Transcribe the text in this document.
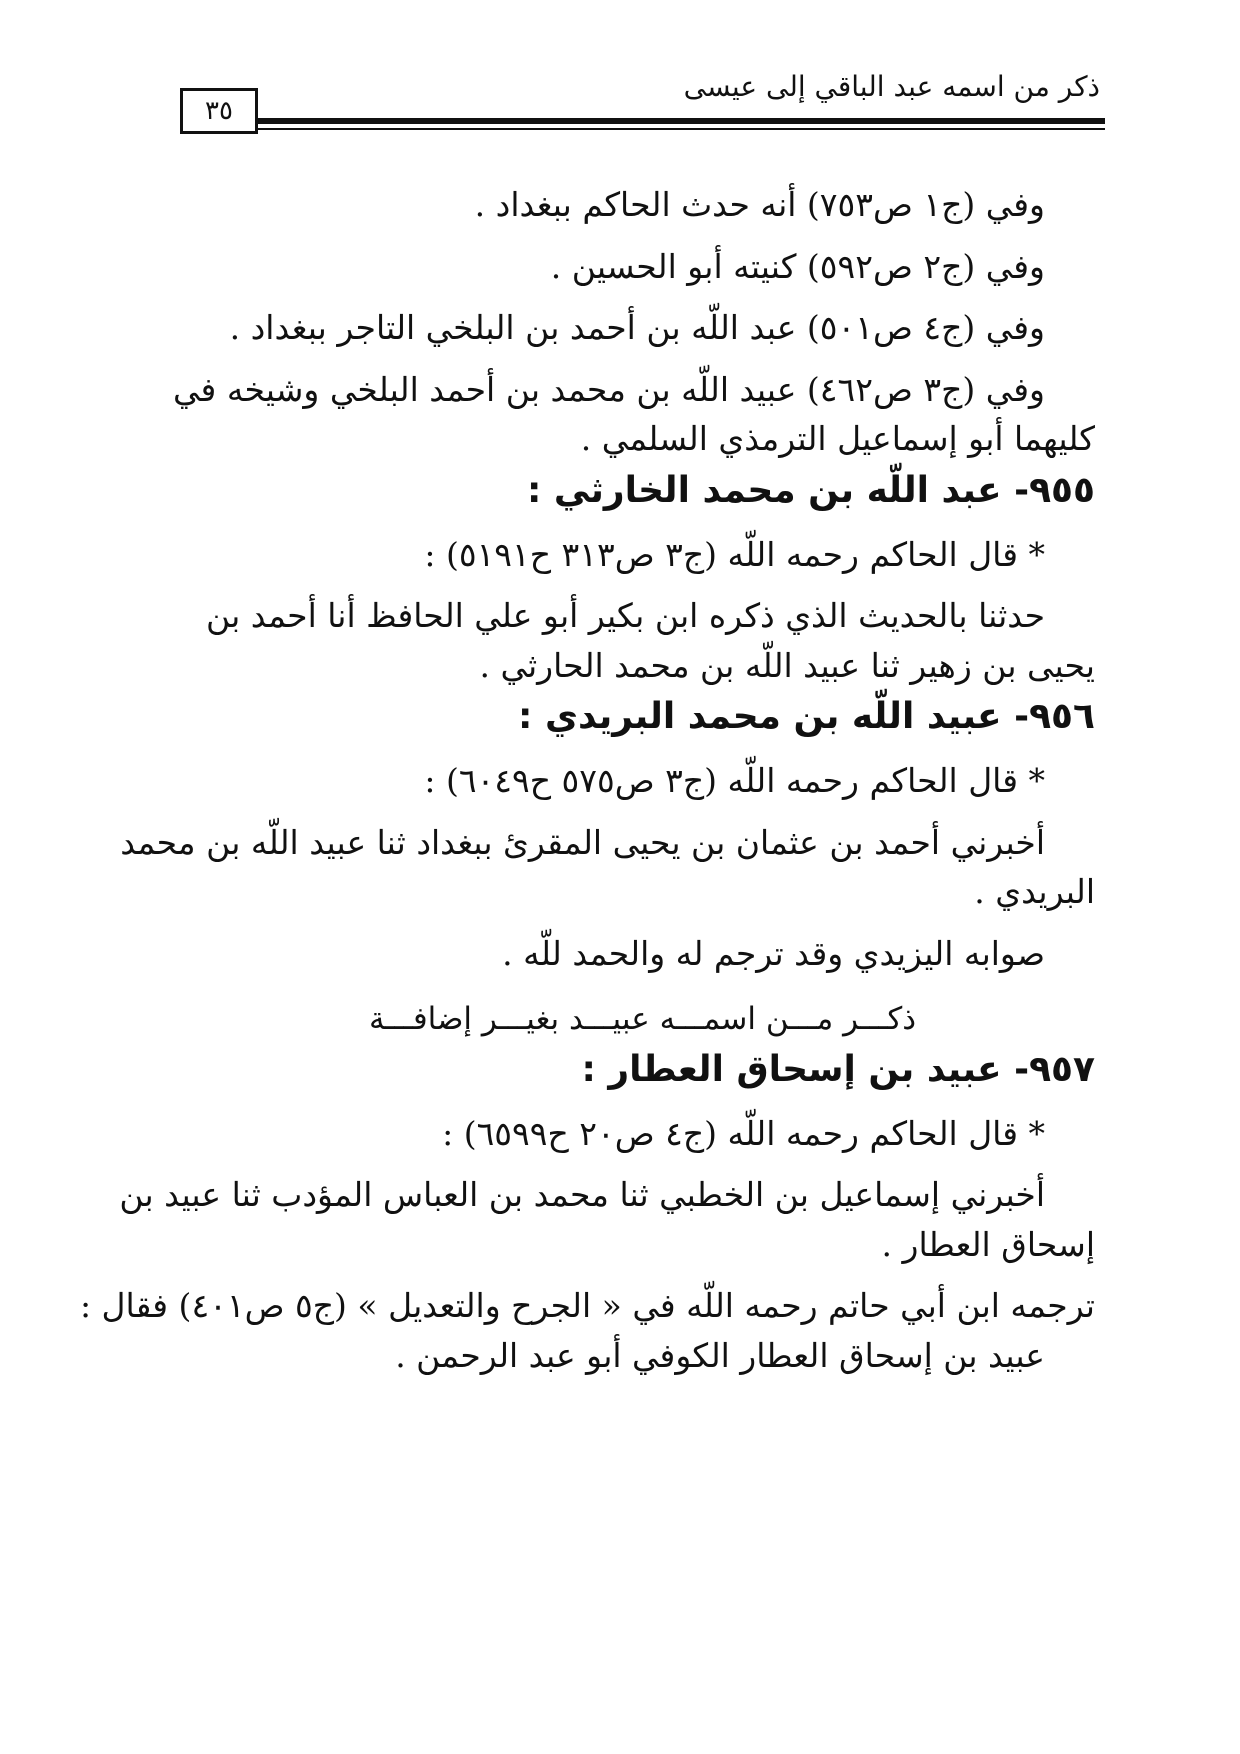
ذكر من اسمه عبد الباقي إلى عيسى
٣٥
وفي (ج١ ص٧٥٣) أنه حدث الحاكم ببغداد .
وفي (ج٢ ص٥٩٢) كنيته أبو الحسين .
وفي (ج٤ ص٥٠١) عبد اللّه بن أحمد بن البلخي التاجر ببغداد .
وفي (ج٣ ص٤٦٢) عبيد اللّه بن محمد بن أحمد البلخي وشيخه في
كليهما أبو إسماعيل الترمذي السلمي .
٩٥٥- عبد اللّه بن محمد الخارثي :
* قال الحاكم رحمه اللّه (ج٣ ص٣١٣ ح٥١٩١) :
حدثنا بالحديث الذي ذكره ابن بكير أبو علي الحافظ أنا أحمد بن
يحيى بن زهير ثنا عبيد اللّه بن محمد الحارثي .
٩٥٦- عبيد اللّه بن محمد البريدي :
* قال الحاكم رحمه اللّه (ج٣ ص٥٧٥ ح٦٠٤٩) :
أخبرني أحمد بن عثمان بن يحيى المقرئ ببغداد ثنا عبيد اللّه بن محمد
البريدي .
صوابه اليزيدي وقد ترجم له والحمد للّه .
ذكـــر مـــن اسمـــه عبيـــد بغيـــر إضافـــة
٩٥٧- عبيد بن إسحاق العطار :
* قال الحاكم رحمه اللّه (ج٤ ص٢٠ ح٦٥٩٩) :
أخبرني إسماعيل بن الخطبي ثنا محمد بن العباس المؤدب ثنا عبيد بن
إسحاق العطار .
ترجمه ابن أبي حاتم رحمه اللّه في « الجرح والتعديل » (ج٥ ص٤٠١) فقال :
عبيد بن إسحاق العطار الكوفي أبو عبد الرحمن .
